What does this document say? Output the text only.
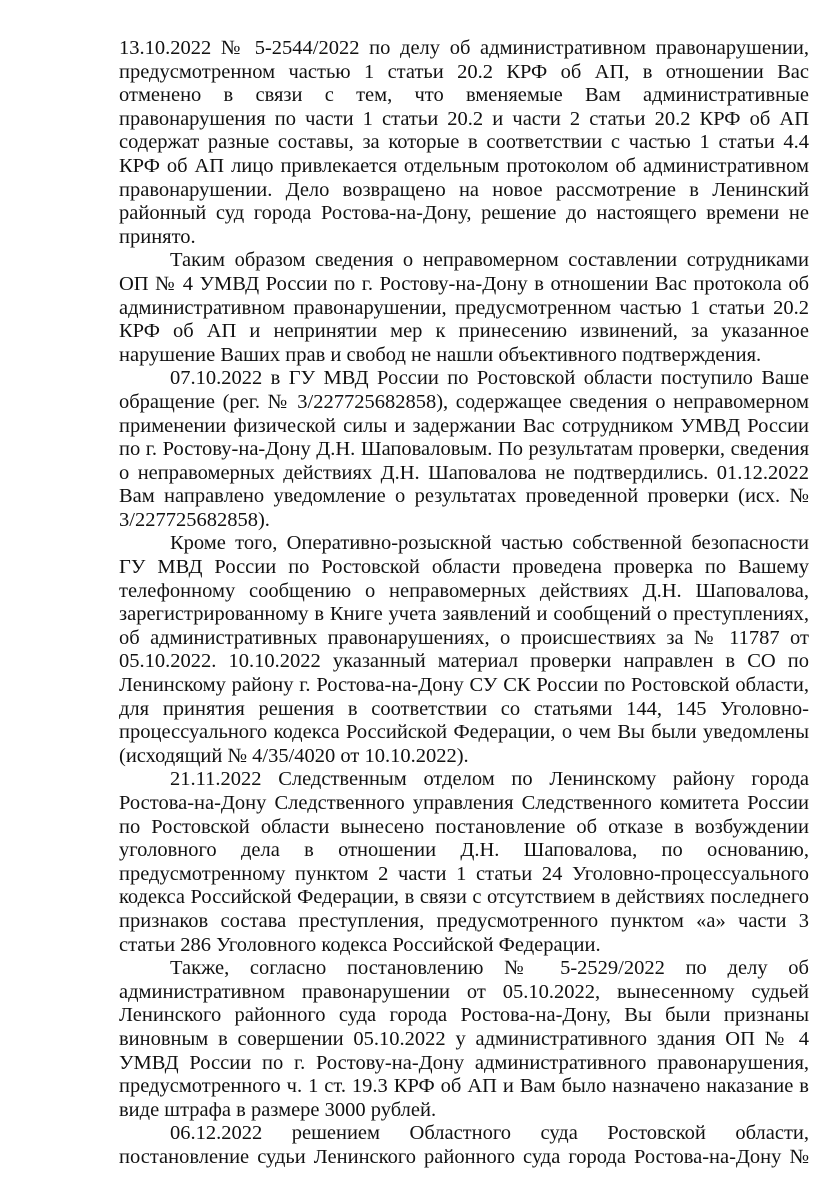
13.10.2022 № 5-2544/2022 по делу об административном правонарушении, предусмотренном частью 1 статьи 20.2 КРФ об АП, в отношении Вас отменено в связи с тем, что вменяемые Вам административные правонарушения по части 1 статьи 20.2 и части 2 статьи 20.2 КРФ об АП содержат разные составы, за которые в соответствии с частью 1 статьи 4.4 КРФ об АП лицо привлекается отдельным протоколом об административном правонарушении. Дело возвращено на новое рассмотрение в Ленинский районный суд города Ростова-на-Дону, решение до настоящего времени не принято.

Таким образом сведения о неправомерном составлении сотрудниками ОП № 4 УМВД России по г. Ростову-на-Дону в отношении Вас протокола об административном правонарушении, предусмотренном частью 1 статьи 20.2 КРФ об АП и непринятии мер к принесению извинений, за указанное нарушение Ваших прав и свобод не нашли объективного подтверждения.

07.10.2022 в ГУ МВД России по Ростовской области поступило Ваше обращение (рег. № 3/227725682858), содержащее сведения о неправомерном применении физической силы и задержании Вас сотрудником УМВД России по г. Ростову-на-Дону Д.Н. Шаповаловым. По результатам проверки, сведения о неправомерных действиях Д.Н. Шаповалова не подтвердились. 01.12.2022 Вам направлено уведомление о результатах проведенной проверки (исх. № 3/227725682858).

Кроме того, Оперативно-розыскной частью собственной безопасности ГУ МВД России по Ростовской области проведена проверка по Вашему телефонному сообщению о неправомерных действиях Д.Н. Шаповалова, зарегистрированному в Книге учета заявлений и сообщений о преступлениях, об административных правонарушениях, о происшествиях за № 11787 от 05.10.2022. 10.10.2022 указанный материал проверки направлен в СО по Ленинскому району г. Ростова-на-Дону СУ СК России по Ростовской области, для принятия решения в соответствии со статьями 144, 145 Уголовно-процессуального кодекса Российской Федерации, о чем Вы были уведомлены (исходящий № 4/35/4020 от 10.10.2022).

21.11.2022 Следственным отделом по Ленинскому району города Ростова-на-Дону Следственного управления Следственного комитета России по Ростовской области вынесено постановление об отказе в возбуждении уголовного дела в отношении Д.Н. Шаповалова, по основанию, предусмотренному пунктом 2 части 1 статьи 24 Уголовно-процессуального кодекса Российской Федерации, в связи с отсутствием в действиях последнего признаков состава преступления, предусмотренного пунктом «а» части 3 статьи 286 Уголовного кодекса Российской Федерации.

Также, согласно постановлению № 5-2529/2022 по делу об административном правонарушении от 05.10.2022, вынесенному судьей Ленинского районного суда города Ростова-на-Дону, Вы были признаны виновным в совершении 05.10.2022 у административного здания ОП № 4 УМВД России по г. Ростову-на-Дону административного правонарушения, предусмотренного ч. 1 ст. 19.3 КРФ об АП и Вам было назначено наказание в виде штрафа в размере 3000 рублей.

06.12.2022 решением Областного суда Ростовской области, постановление судьи Ленинского районного суда города Ростова-на-Дону №
